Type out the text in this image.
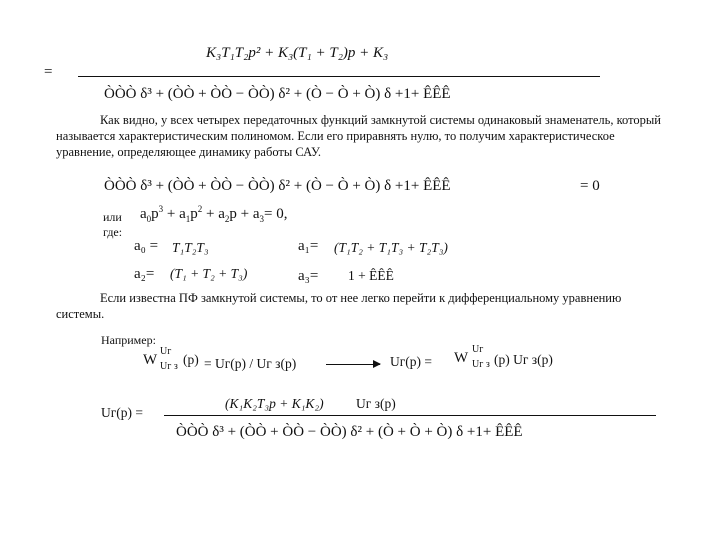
=
K₃T₁T₂p² + K₃(T₁ + T₂)p + K₃
ÒÒÒ δ³ + (ÒÒ + ÒÒ − ÒÒ) δ² + (Ò − Ò + Ò) δ +1+ ÊÊÊ
Как видно, у всех четырех передаточных функций замкнутой системы одинаковый знаменатель, который называется характеристическим полиномом. Если его приравнять нулю, то получим характеристическое уравнение, определяющее динамику работы САУ.
ÒÒÒ δ³ + (ÒÒ + ÒÒ − ÒÒ) δ² + (Ò − Ò + Ò) δ +1+ ÊÊÊ	= 0
или $a_0p^3 + a_1p^2 + a_2p + a_3= 0$,
где:
a₀ = T₁T₂T₃	a₁= (T₁T₂ + T₁T₃ + T₂T₃)
a₂= (T₁ + T₂ + T₃)	a₃= 1 + ÊÊÊ
Если известна ПФ замкнутой системы, то от нее легко перейти к дифференциальному уравнению системы.
Например:
W
Uг
Uг з (p) = Uг(p) / Uг з(p)	Uг(p) = W
Uг
Uг з (p) Uг з(p)
Uг(p) =
(K₁K₂T₃p + K₁K₂) Uг з(p)
ÒÒÒ δ³ + (ÒÒ + ÒÒ − ÒÒ) δ² + (Ò + Ò + Ò) δ +1+ ÊÊÊ
